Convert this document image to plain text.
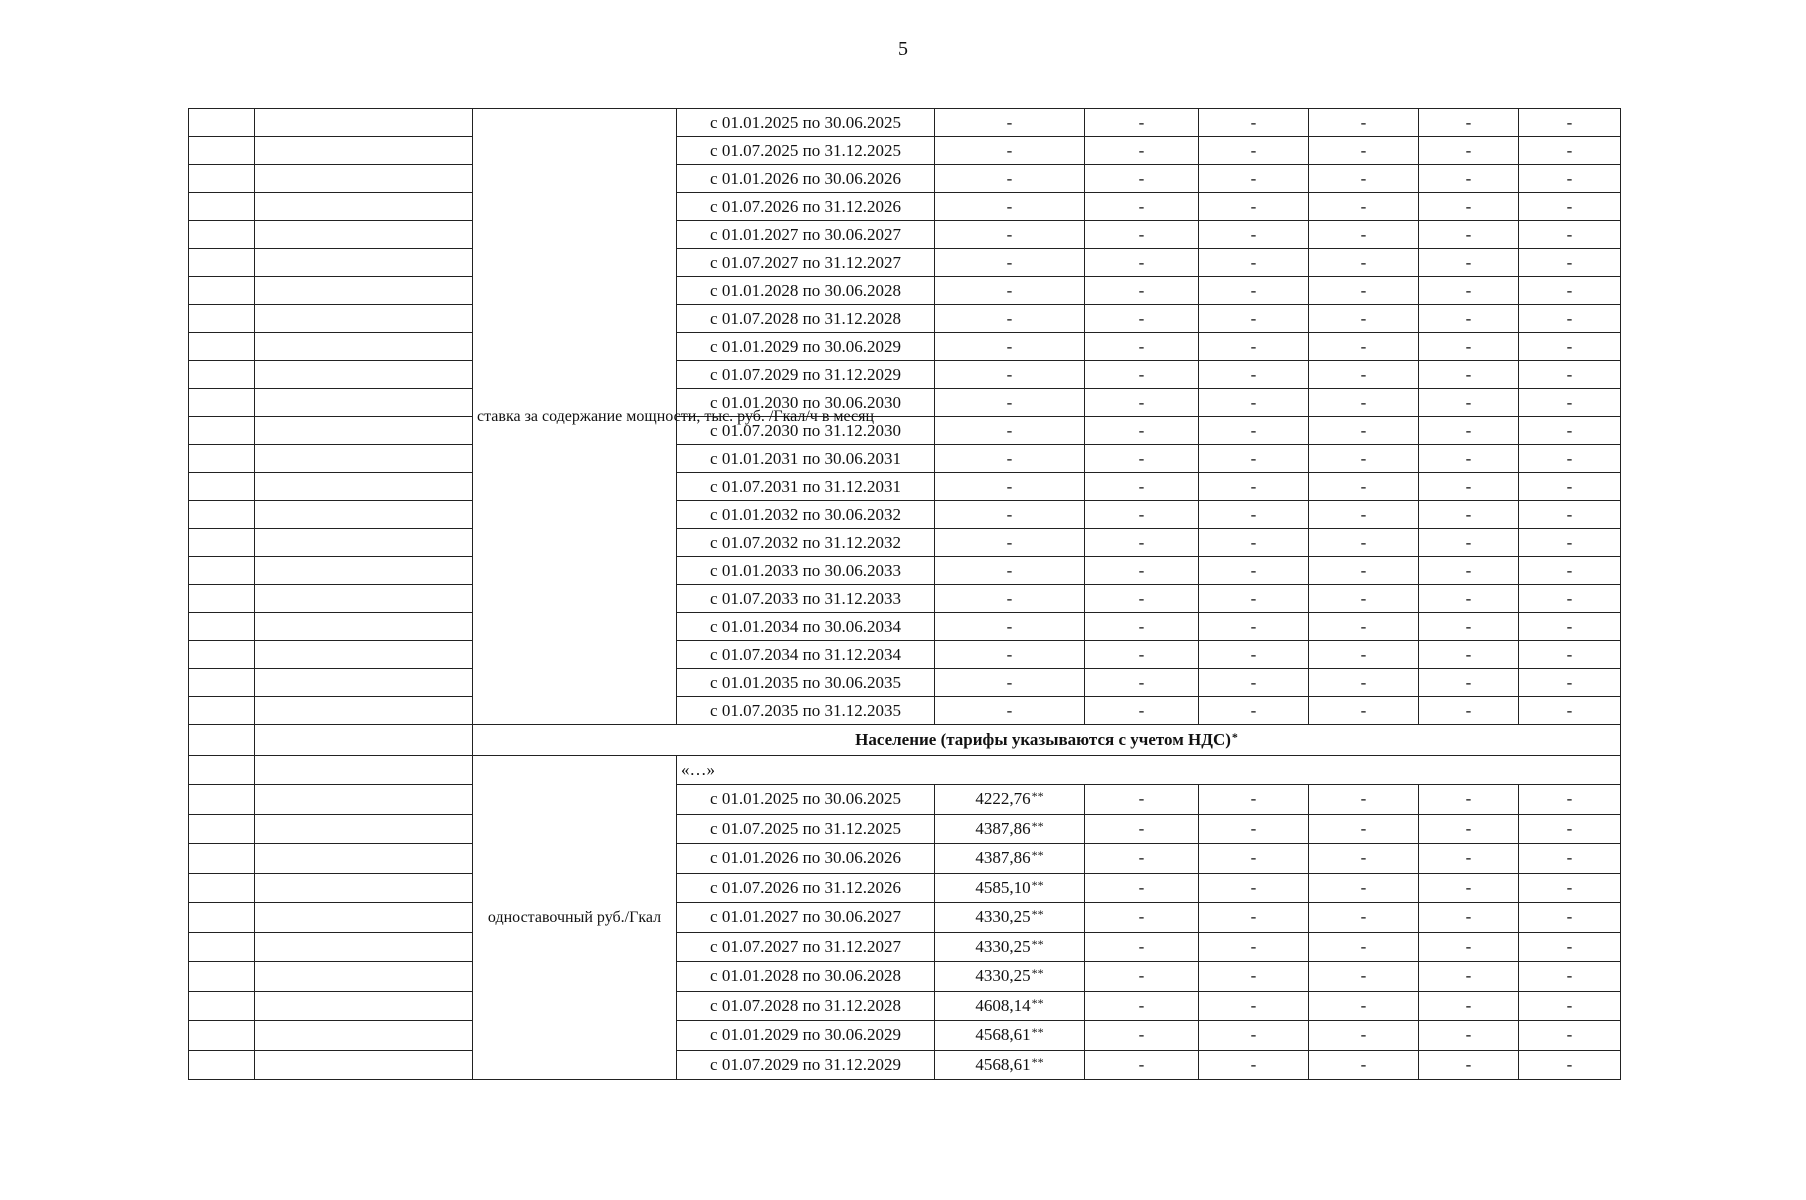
5
		ставка за содержание мощности, тыс. руб. /Гкал/ч в месяц	с 01.01.2025 по 30.06.2025	-	-	-	-	-	-
			с 01.07.2025 по 31.12.2025	-	-	-	-	-	-
			с 01.01.2026 по 30.06.2026	-	-	-	-	-	-
			с 01.07.2026 по 31.12.2026	-	-	-	-	-	-
			с 01.01.2027 по 30.06.2027	-	-	-	-	-	-
			с 01.07.2027 по 31.12.2027	-	-	-	-	-	-
			с 01.01.2028 по 30.06.2028	-	-	-	-	-	-
			с 01.07.2028 по 31.12.2028	-	-	-	-	-	-
			с 01.01.2029 по 30.06.2029	-	-	-	-	-	-
			с 01.07.2029 по 31.12.2029	-	-	-	-	-	-
			с 01.01.2030 по 30.06.2030	-	-	-	-	-	-
			с 01.07.2030 по 31.12.2030	-	-	-	-	-	-
			с 01.01.2031 по 30.06.2031	-	-	-	-	-	-
			с 01.07.2031 по 31.12.2031	-	-	-	-	-	-
			с 01.01.2032 по 30.06.2032	-	-	-	-	-	-
			с 01.07.2032 по 31.12.2032	-	-	-	-	-	-
			с 01.01.2033 по 30.06.2033	-	-	-	-	-	-
			с 01.07.2033 по 31.12.2033	-	-	-	-	-	-
			с 01.01.2034 по 30.06.2034	-	-	-	-	-	-
			с 01.07.2034 по 31.12.2034	-	-	-	-	-	-
			с 01.01.2035 по 30.06.2035	-	-	-	-	-	-
			с 01.07.2035 по 31.12.2035	-	-	-	-	-	-
		Население (тарифы указываются с учетом НДС)*
		одноставочный руб./Гкал	«…»						
			с 01.01.2025 по 30.06.2025	4222,76**	-	-	-	-	-
			с 01.07.2025 по 31.12.2025	4387,86**	-	-	-	-	-
			с 01.01.2026 по 30.06.2026	4387,86**	-	-	-	-	-
			с 01.07.2026 по 31.12.2026	4585,10**	-	-	-	-	-
			с 01.01.2027 по 30.06.2027	4330,25**	-	-	-	-	-
			с 01.07.2027 по 31.12.2027	4330,25**	-	-	-	-	-
			с 01.01.2028 по 30.06.2028	4330,25**	-	-	-	-	-
			с 01.07.2028 по 31.12.2028	4608,14**	-	-	-	-	-
			с 01.01.2029 по 30.06.2029	4568,61**	-	-	-	-	-
			с 01.07.2029 по 31.12.2029	4568,61**	-	-	-	-	-
